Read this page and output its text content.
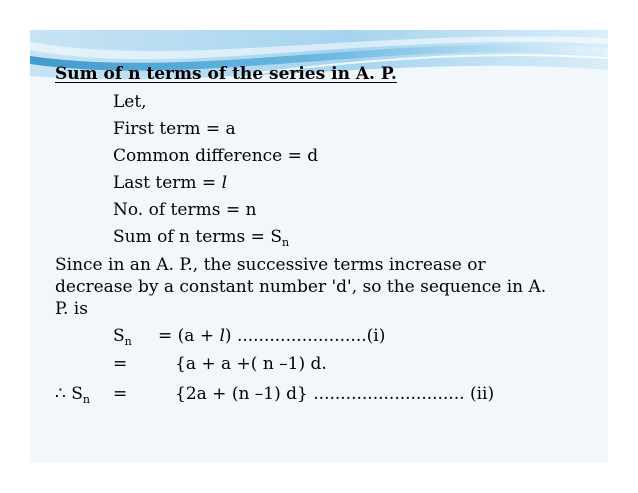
Sum of n terms of the series in A. P.
Let,
First term = a
Common difference = d
Last term = l
No. of terms = n
Sum of n terms = $S_n$
Since in an A. P., the successive terms increase or
decrease by a constant number 'd', so the sequence in A.
P. is
$S_n = (a + l)$ ........................(i)
=	{a + a +( n –1) d.
∴ $S_n$ =	{2a + (n –1) d} ............................ (ii)
